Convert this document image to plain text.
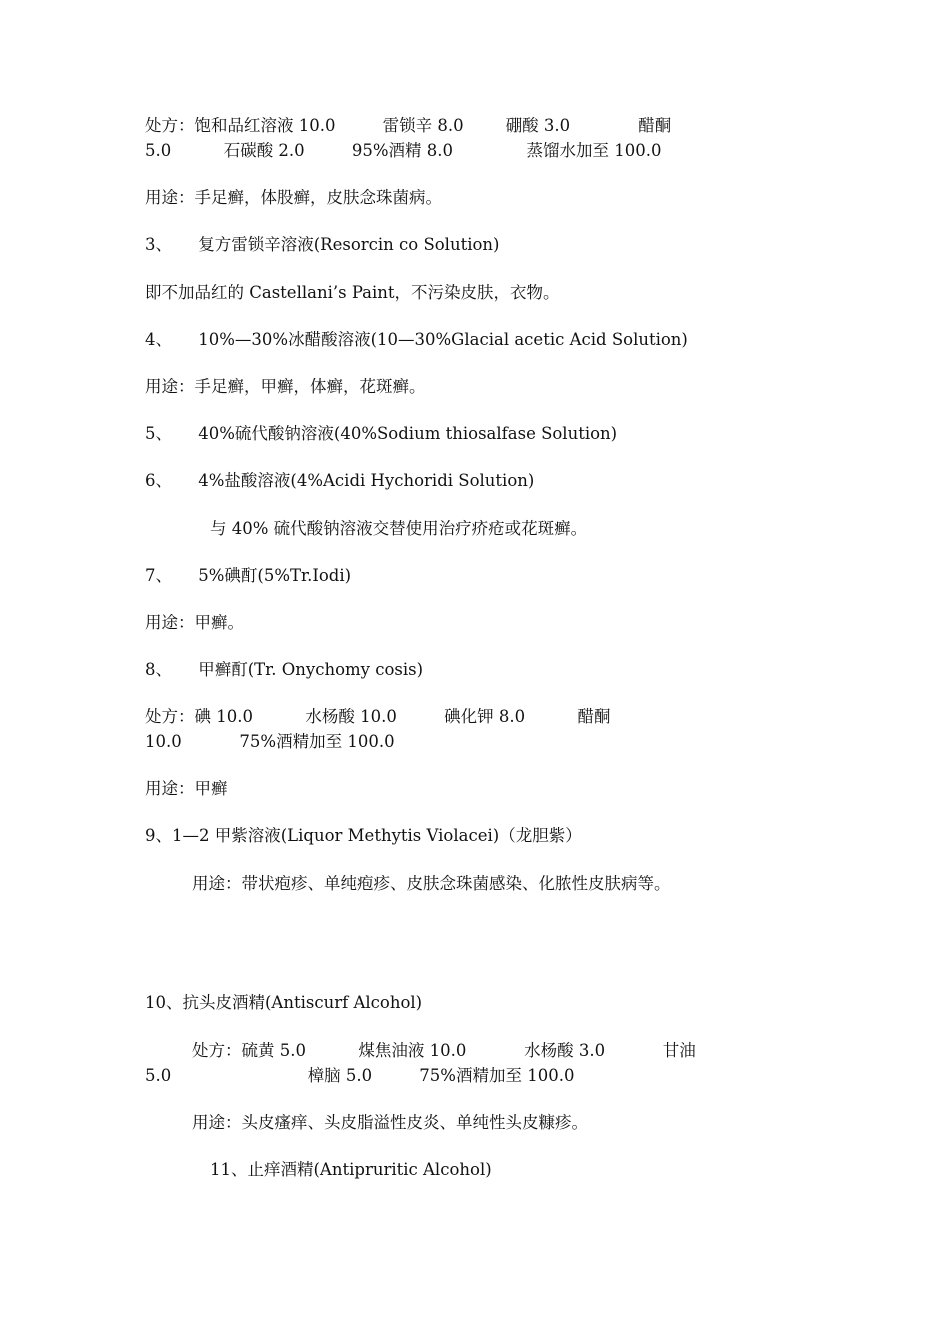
处方：饱和品红溶液 10.0         雷锁辛 8.0        硼酸 3.0             醋酮
5.0          石碳酸 2.0         95%酒精 8.0              蒸馏水加至 100.0
用途：手足癣，体股癣，皮肤念珠菌病。
3、     复方雷锁辛溶液(Resorcin co Solution)
即不加品红的 Castellani’s Paint，不污染皮肤，衣物。
4、     10%—30%冰醋酸溶液(10—30%Glacial acetic Acid Solution)
用途：手足癣，甲癣，体癣，花斑癣。
5、     40%硫代酸钠溶液(40%Sodium thiosalfase Solution)
6、     4%盐酸溶液(4%Acidi Hychoridi Solution)
与 40% 硫代酸钠溶液交替使用治疗疥疮或花斑癣。
7、     5%碘酊(5%Tr.Iodi)
用途：甲癣。
8、     甲癣酊(Tr. Onychomy cosis)
处方：碘 10.0          水杨酸 10.0         碘化钾 8.0          醋酮
10.0           75%酒精加至 100.0
用途：甲癣
9、1—2 甲紫溶液(Liquor Methytis Violacei)（龙胆紫）
用途：带状疱疹、单纯疱疹、皮肤念珠菌感染、化脓性皮肤病等。
10、抗头皮酒精(Antiscurf Alcohol)
处方：硫黄 5.0          煤焦油液 10.0           水杨酸 3.0           甘油
5.0                          樟脑 5.0         75%酒精加至 100.0
用途：头皮瘙痒、头皮脂溢性皮炎、单纯性头皮糠疹。
11、止痒酒精(Antipruritic Alcohol)
